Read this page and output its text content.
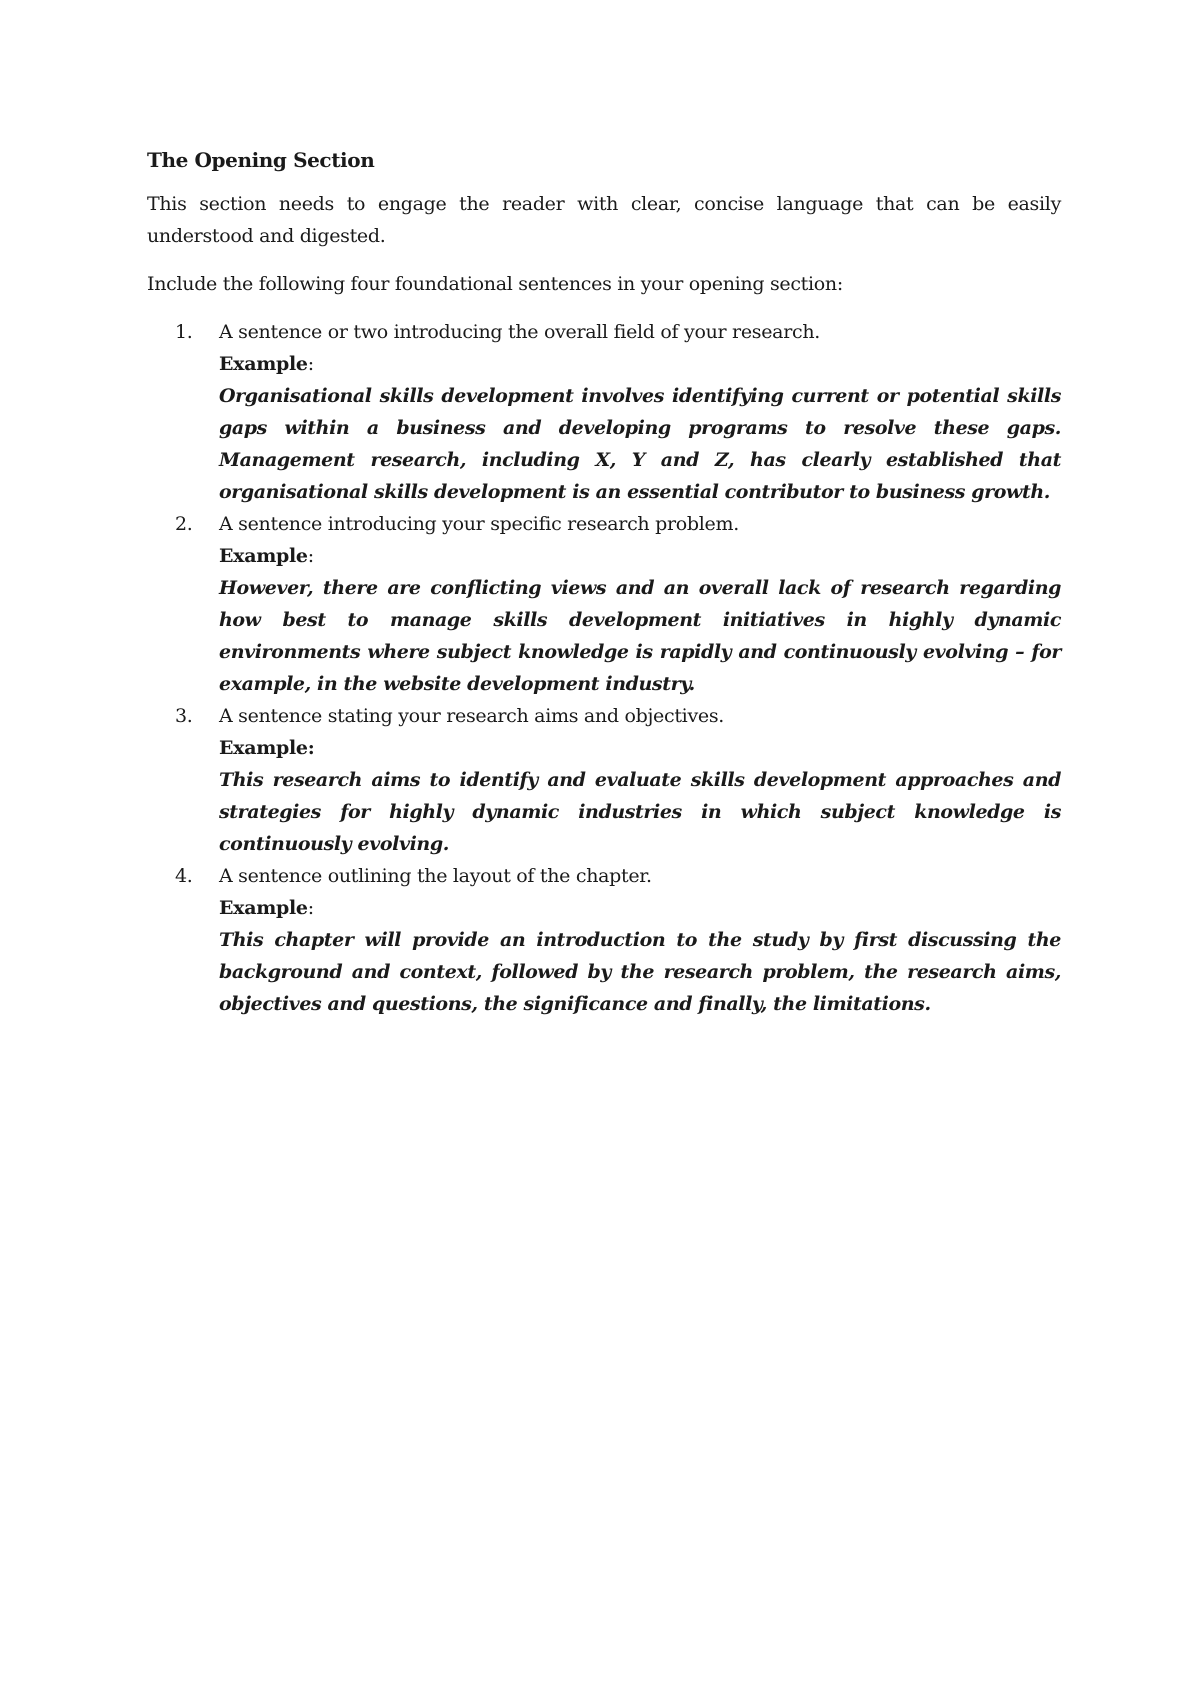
The Opening Section

This section needs to engage the reader with clear, concise language that can be easily understood and digested.

Include the following four foundational sentences in your opening section:

1. A sentence or two introducing the overall field of your research.
Example:
Organisational skills development involves identifying current or potential skills gaps within a business and developing programs to resolve these gaps. Management research, including X, Y and Z, has clearly established that organisational skills development is an essential contributor to business growth.
2. A sentence introducing your specific research problem.
Example:
However, there are conflicting views and an overall lack of research regarding how best to manage skills development initiatives in highly dynamic environments where subject knowledge is rapidly and continuously evolving – for example, in the website development industry.
3. A sentence stating your research aims and objectives.
Example:
This research aims to identify and evaluate skills development approaches and strategies for highly dynamic industries in which subject knowledge is continuously evolving.
4. A sentence outlining the layout of the chapter.
Example:
This chapter will provide an introduction to the study by first discussing the background and context, followed by the research problem, the research aims, objectives and questions, the significance and finally, the limitations.
